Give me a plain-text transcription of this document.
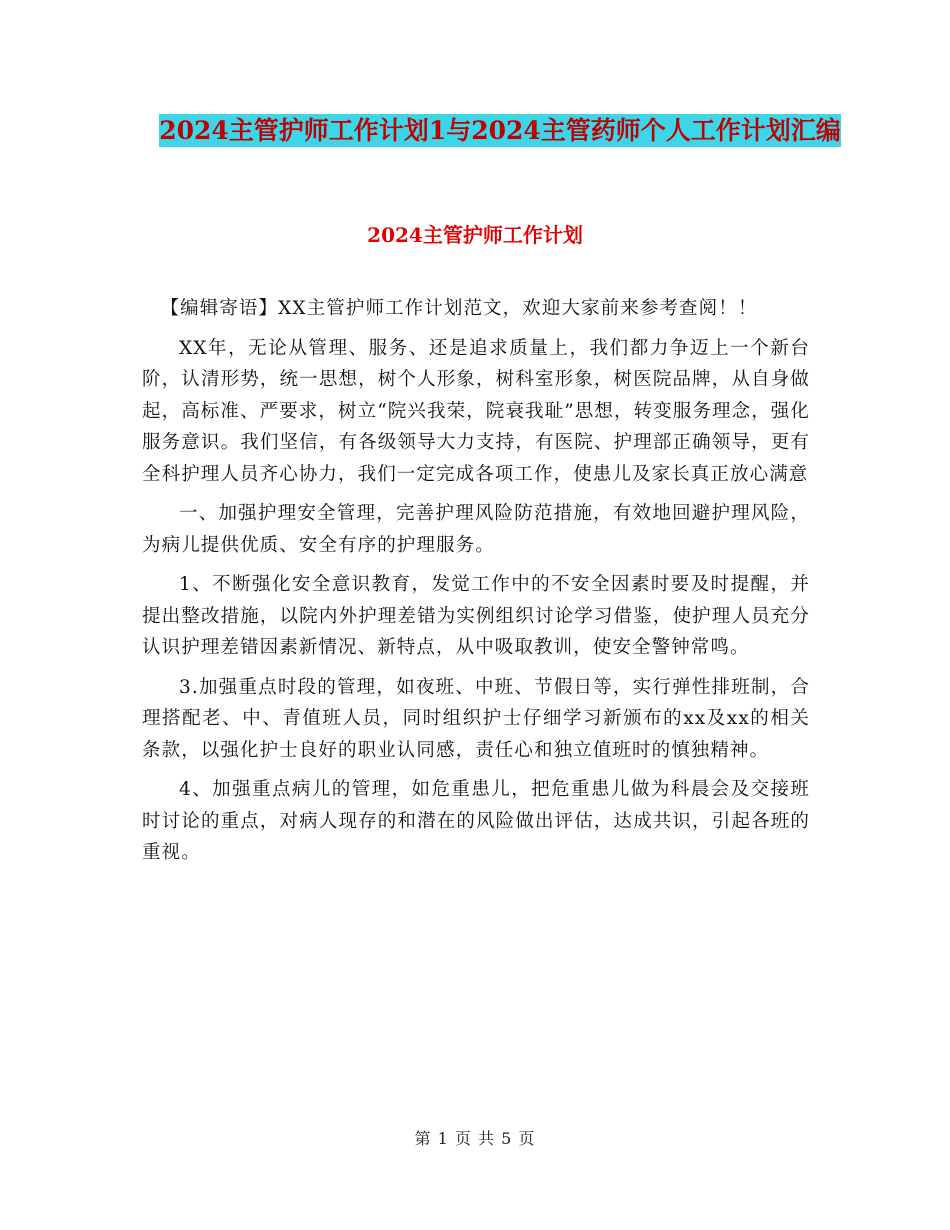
2024主管护师工作计划1与2024主管药师个人工作计划汇编
2024主管护师工作计划

【编辑寄语】XX主管护师工作计划范文，欢迎大家前来参考查阅！！

XX年，无论从管理、服务、还是追求质量上，我们都力争迈上一个新台阶，认清形势，统一思想，树个人形象，树科室形象，树医院品牌，从自身做起，高标准、严要求，树立“院兴我荣，院衰我耻”思想，转变服务理念，强化服务意识。我们坚信，有各级领导大力支持，有医院、护理部正确领导，更有全科护理人员齐心协力，我们一定完成各项工作，使患儿及家长真正放心满意

一、加强护理安全管理，完善护理风险防范措施，有效地回避护理风险，为病儿提供优质、安全有序的护理服务。

1、不断强化安全意识教育，发觉工作中的不安全因素时要及时提醒，并提出整改措施，以院内外护理差错为实例组织讨论学习借鉴，使护理人员充分认识护理差错因素新情况、新特点，从中吸取教训，使安全警钟常鸣。

3.加强重点时段的管理，如夜班、中班、节假日等，实行弹性排班制，合理搭配老、中、青值班人员，同时组织护士仔细学习新颁布的xx及xx的相关条款，以强化护士良好的职业认同感，责任心和独立值班时的慎独精神。

4、加强重点病儿的管理，如危重患儿，把危重患儿做为科晨会及交接班时讨论的重点，对病人现存的和潜在的风险做出评估，达成共识，引起各班的重视。

第 1 页 共 5 页
